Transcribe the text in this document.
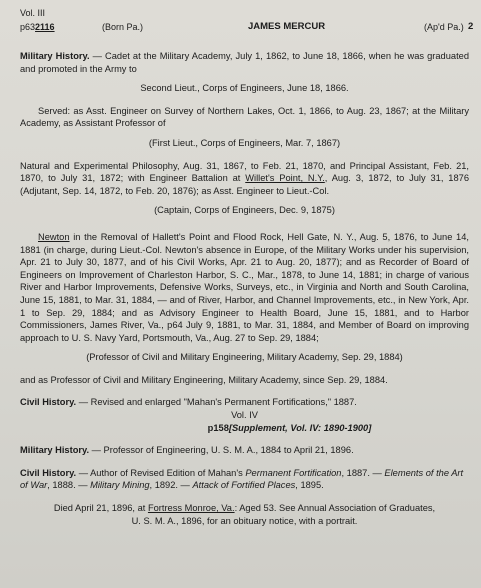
Vol. III
p632116	(Born Pa.)	JAMES MERCUR	(Ap'd Pa.) 2

Military History. — Cadet at the Military Academy, July 1, 1862, to June 18, 1866, when he was graduated and promoted in the Army to

Second Lieut., Corps of Engineers, June 18, 1866.

Served: as Asst. Engineer on Survey of Northern Lakes, Oct. 1, 1866, to Aug. 23, 1867; at the Military Academy, as Assistant Professor of

(First Lieut., Corps of Engineers, Mar. 7, 1867)

Natural and Experimental Philosophy, Aug. 31, 1867, to Feb. 21, 1870, and Principal Assistant, Feb. 21, 1870, to July 31, 1872; with Engineer Battalion at Willet's Point, N.Y., Aug. 3, 1872, to July 31, 1876 (Adjutant, Sep. 14, 1872, to Feb. 20, 1876); as Asst. Engineer to Lieut.-Col.

(Captain, Corps of Engineers, Dec. 9, 1875)

Newton in the Removal of Hallett's Point and Flood Rock, Hell Gate, N. Y., Aug. 5, 1876, to June 14, 1881 (in charge, during Lieut.-Col. Newton's absence in Europe, of the Military Works under his supervision, Apr. 21 to July 30, 1877, and of his Civil Works, Apr. 21 to Aug. 20, 1877); and as Recorder of Board of Engineers on Improvement of Charleston Harbor, S. C., Mar., 1878, to June 14, 1881; in charge of various River and Harbor Improvements, Defensive Works, Surveys, etc., in Virginia and North and South Carolina, June 15, 1881, to Mar. 31, 1884, — and of River, Harbor, and Channel Improvements, etc., in New York, Apr. 1 to Sep. 29, 1884; and as Advisory Engineer to Health Board, June 15, 1881, and to Harbor Commissioners, James River, Va., p64 July 9, 1881, to Mar. 31, 1884, and Member of Board on improving approach to U. S. Navy Yard, Portsmouth, Va., Aug. 27 to Sep. 29, 1884;

(Professor of Civil and Military Engineering, Military Academy, Sep. 29, 1884)

and as Professor of Civil and Military Engineering, Military Academy, since Sep. 29, 1884.

Civil History. — Revised and enlarged "Mahan's Permanent Fortifications," 1887.

Vol. IV

p158[Supplement, Vol. IV: 1890-1900]

Military History. — Professor of Engineering, U. S. M. A., 1884 to April 21, 1896.

Civil History. — Author of Revised Edition of Mahan's Permanent Fortification, 1887. — Elements of the Art of War, 1888. — Military Mining, 1892. — Attack of Fortified Places, 1895.

Died April 21, 1896, at Fortress Monroe, Va.: Aged 53. See Annual Association of Graduates,

U. S. M. A., 1896, for an obituary notice, with a portrait.
